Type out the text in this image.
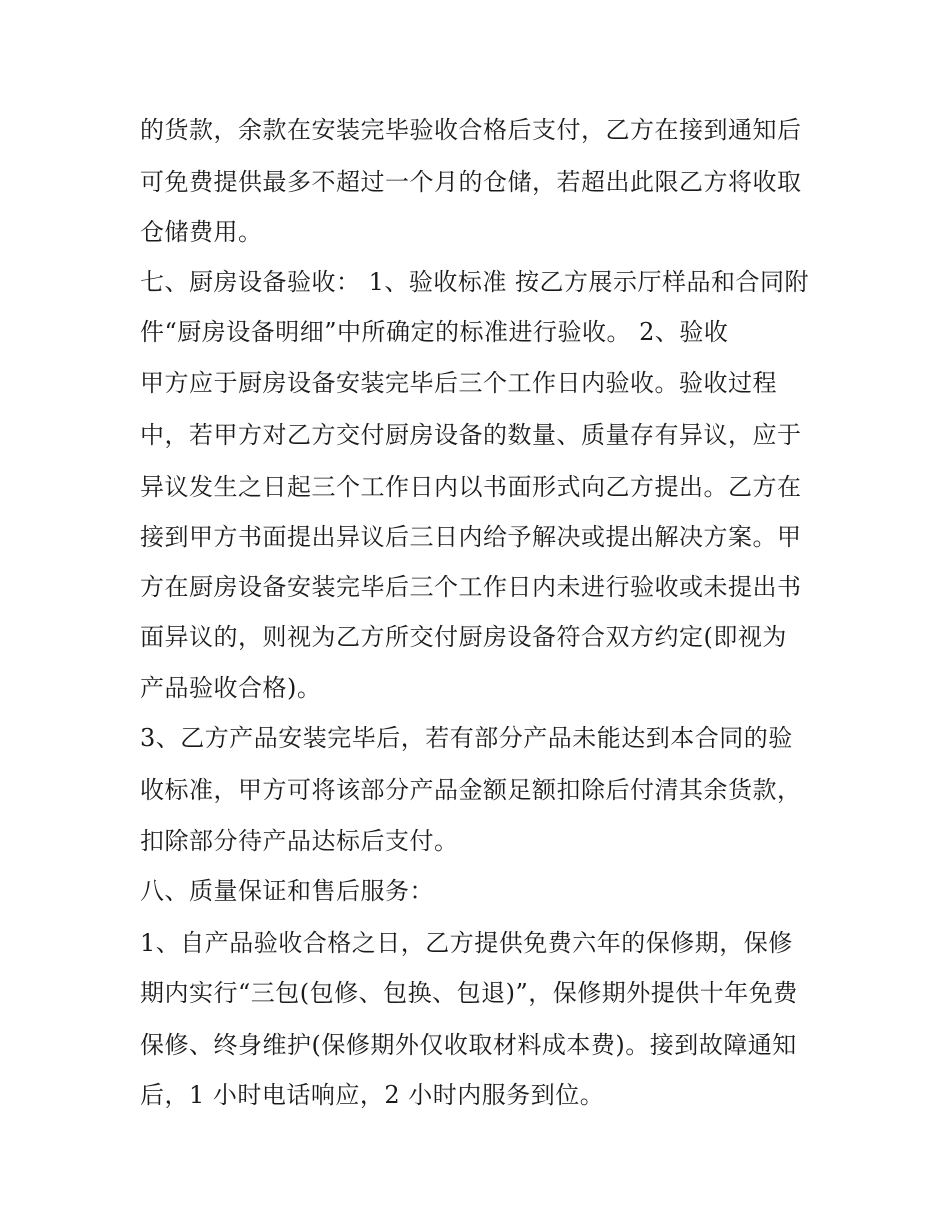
的货款，余款在安装完毕验收合格后支付，乙方在接到通知后
可免费提供最多不超过一个月的仓储，若超出此限乙方将收取
仓储费用。
七、厨房设备验收： 1、验收标准 按乙方展示厅样品和合同附
件“厨房设备明细”中所确定的标准进行验收。 2、验收
甲方应于厨房设备安装完毕后三个工作日内验收。验收过程
中，若甲方对乙方交付厨房设备的数量、质量存有异议，应于
异议发生之日起三个工作日内以书面形式向乙方提出。乙方在
接到甲方书面提出异议后三日内给予解决或提出解决方案。甲
方在厨房设备安装完毕后三个工作日内未进行验收或未提出书
面异议的，则视为乙方所交付厨房设备符合双方约定(即视为
产品验收合格)。
3、乙方产品安装完毕后，若有部分产品未能达到本合同的验
收标准，甲方可将该部分产品金额足额扣除后付清其余货款，
扣除部分待产品达标后支付。
八、质量保证和售后服务：
1、自产品验收合格之日，乙方提供免费六年的保修期，保修
期内实行“三包(包修、包换、包退)”，保修期外提供十年免费
保修、终身维护(保修期外仅收取材料成本费)。接到故障通知
后，1 小时电话响应，2 小时内服务到位。
